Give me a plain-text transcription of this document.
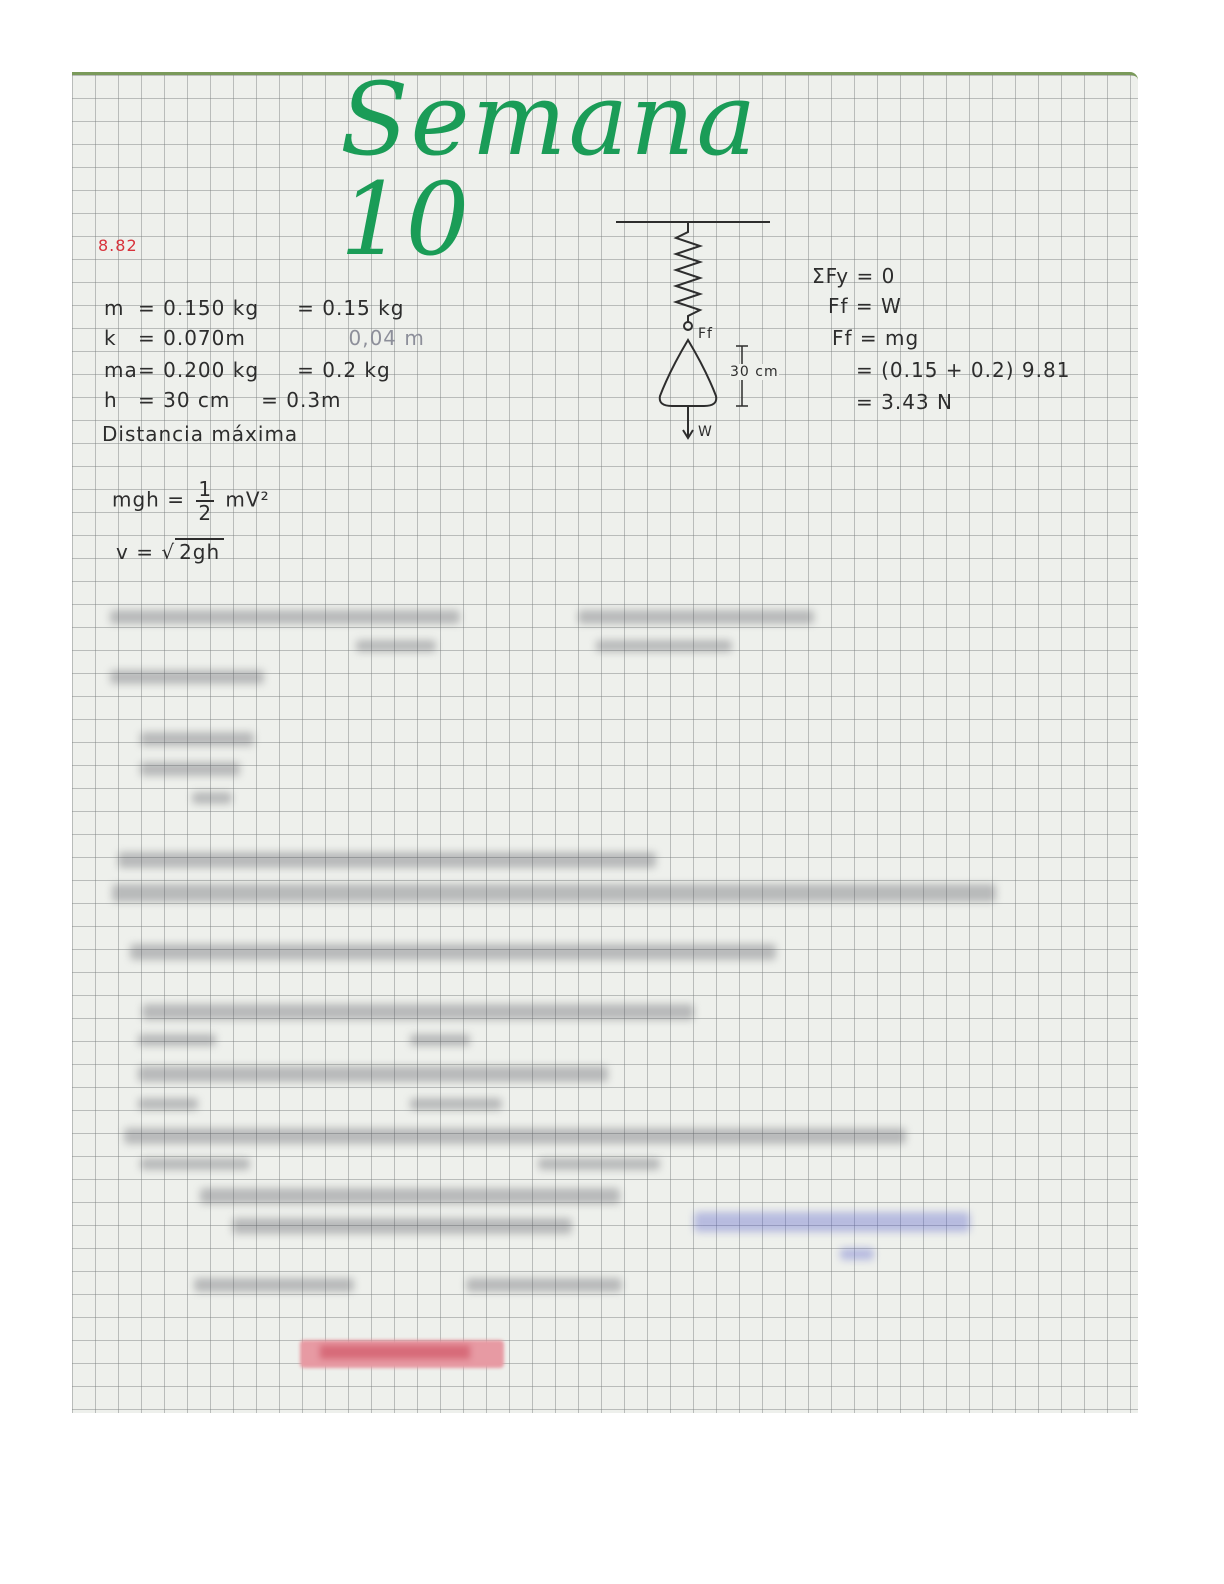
Semana 10
8.82
m = 0.150 kg = 0.15 kg
k = 0.070m	0,04 m
ma= 0.200 kg = 0.2 kg
h = 30 cm = 0.3m
Distancia máxima
mgh = $\frac{1}{2} mV^2$
v = √ 2gh
Ff
W
30 cm
ΣFy = 0
Ff = W
Ff = mg
= (0.15 + 0.2) 9.81
= 3.43 N
